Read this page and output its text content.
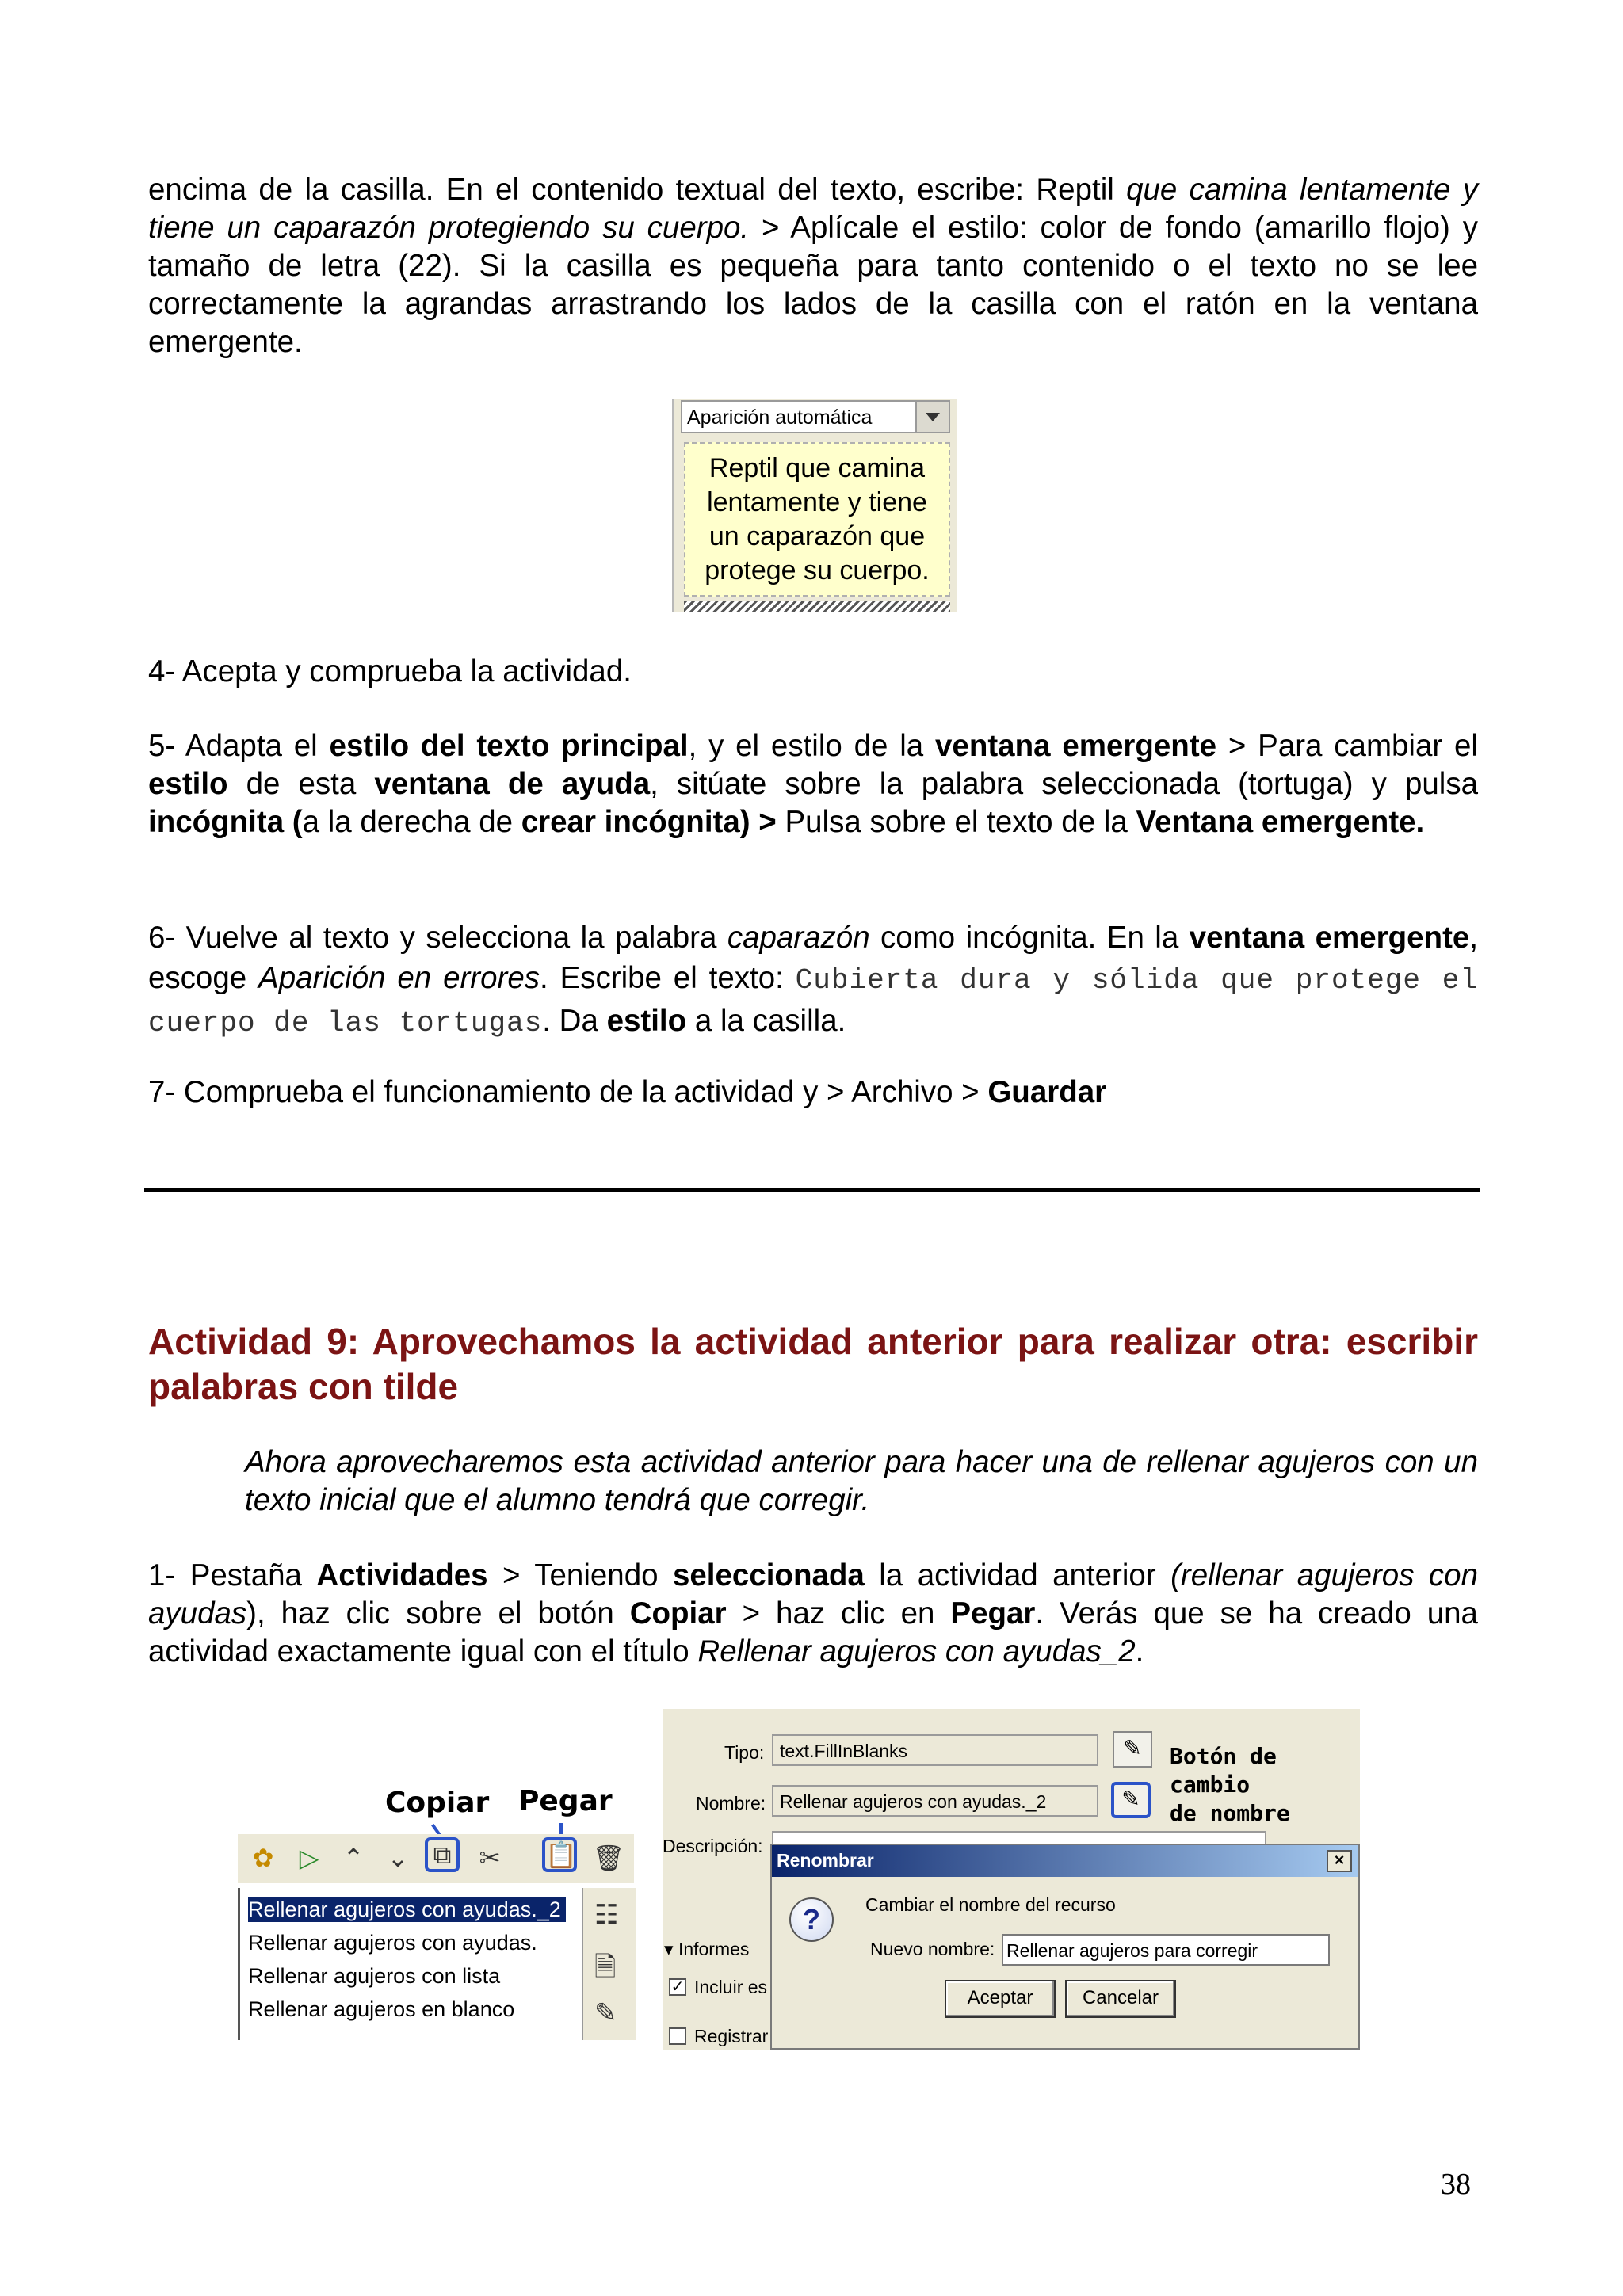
encima de la casilla. En el contenido textual del texto, escribe: Reptil que camina lentamente y tiene un caparazón protegiendo su cuerpo. > Aplícale el estilo: color de fondo (amarillo flojo) y tamaño de letra (22). Si la casilla es pequeña para tanto contenido o el texto no se lee correctamente la agrandas arrastrando los lados de la casilla con el ratón en la ventana emergente.

Aparición automática
Reptil que camina
lentamente y tiene
un caparazón que
protege su cuerpo.

4- Acepta y comprueba la actividad.

5- Adapta el estilo del texto principal, y el estilo de la ventana emergente > Para cambiar el estilo de esta ventana de ayuda, sitúate sobre la palabra seleccionada (tortuga) y pulsa incógnita (a la derecha de crear incógnita) > Pulsa sobre el texto de la Ventana emergente.

6- Vuelve al texto y selecciona la palabra caparazón como incógnita. En la ventana emergente, escoge Aparición en errores. Escribe el texto: Cubierta dura y sólida que protege el cuerpo de las tortugas. Da estilo a la casilla.

7- Comprueba el funcionamiento de la actividad y > Archivo > Guardar

Actividad 9: Aprovechamos la actividad anterior para realizar otra: escribir palabras con tilde

Ahora aprovecharemos esta actividad anterior para hacer una de rellenar agujeros con un texto inicial que el alumno tendrá que corregir.

1- Pestaña Actividades > Teniendo seleccionada la actividad anterior (rellenar agujeros con ayudas), haz clic sobre el botón Copiar > haz clic en Pegar. Verás que se ha creado una actividad exactamente igual con el título Rellenar agujeros con ayudas_2.

Copiar Pegar
✿	▷ ⌃ ⌄ ⧉	✂ 📋 🗑
Rellenar agujeros con ayudas._2
Rellenar agujeros con ayudas.
Rellenar agujeros con lista
Rellenar agujeros en blanco
☷
🗎
✎
Tipo: text.FillInBlanks	✎
Nombre: Rellenar agujeros con ayudas._2	✎
Botón de cambio
de nombre
Descripción:
▾ Informes
✓ Incluir es
Registrar
Renombrar	×
?	Cambiar el nombre del recurso
Nuevo nombre: Rellenar agujeros para corregir
Aceptar	Cancelar
38
